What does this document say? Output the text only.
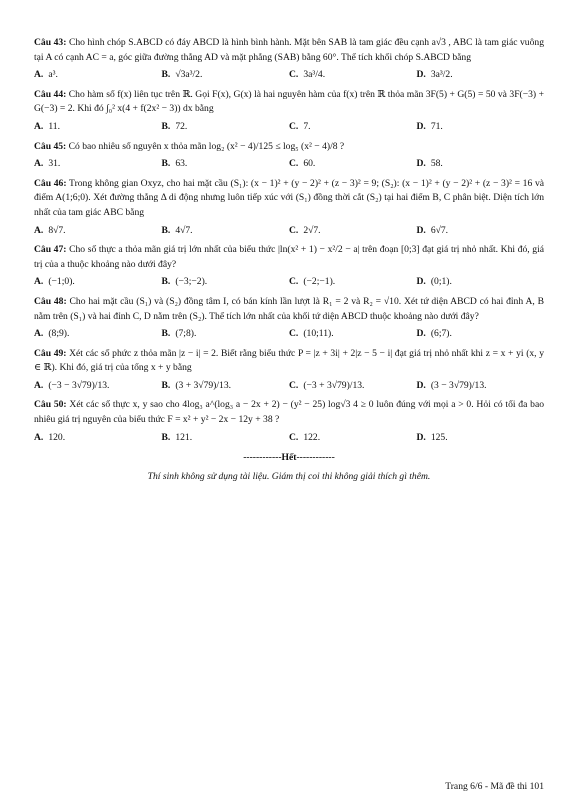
Câu 43: Cho hình chóp S.ABCD có đáy ABCD là hình bình hành. Mặt bên SAB là tam giác đều cạnh a√3 , ABC là tam giác vuông tại A có cạnh AC = a, góc giữa đường thẳng AD và mặt phẳng (SAB) bằng 60°. Thể tích khối chóp S.ABCD bằng
A. a³.	B. √3a³/2.	C. 3a³/4.	D. 3a³/2.
Câu 44: Cho hàm số f(x) liên tục trên ℝ. Gọi F(x), G(x) là hai nguyên hàm của f(x) trên ℝ thỏa mãn 3F(5) + G(5) = 50 và 3F(−3) + G(−3) = 2. Khi đó ∫₀² x(4 + f(2x² − 3)) dx bằng
A. 11.	B. 72.	C. 7.	D. 71.
Câu 45: Có bao nhiêu số nguyên x thỏa mãn log₂ (x² − 4)/125 ≤ log₅ (x² − 4)/8 ?
A. 31.	B. 63.	C. 60.	D. 58.
Câu 46: Trong không gian Oxyz, cho hai mặt cầu (S₁): (x − 1)² + (y − 2)² + (z − 3)² = 9; (S₂): (x − 1)² + (y − 2)² + (z − 3)² = 16 và điểm A(1;6;0). Xét đường thẳng Δ di động nhưng luôn tiếp xúc với (S₁) đồng thời cắt (S₂) tại hai điểm B, C phân biệt. Diện tích lớn nhất của tam giác ABC bằng
A. 8√7.	B. 4√7.	C. 2√7.	D. 6√7.
Câu 47: Cho số thực a thỏa mãn giá trị lớn nhất của biểu thức |ln(x² + 1) − x²/2 − a| trên đoạn [0;3] đạt giá trị nhỏ nhất. Khi đó, giá trị của a thuộc khoảng nào dưới đây?
A. (−1;0).	B. (−3;−2).	C. (−2;−1).	D. (0;1).
Câu 48: Cho hai mặt cầu (S₁) và (S₂) đồng tâm I, có bán kính lần lượt là R₁ = 2 và R₂ = √10. Xét tứ diện ABCD có hai đỉnh A, B nằm trên (S₁) và hai đỉnh C, D nằm trên (S₂). Thể tích lớn nhất của khối tứ diện ABCD thuộc khoảng nào dưới đây?
A. (8;9).	B. (7;8).	C. (10;11).	D. (6;7).
Câu 49: Xét các số phức z thỏa mãn |z − i| = 2. Biết rằng biểu thức P = |z + 3i| + 2|z − 5 − i| đạt giá trị nhỏ nhất khi z = x + yi (x, y ∈ ℝ). Khi đó, giá trị của tổng x + y bằng
A. (−3 − 3√79)/13.	B. (3 + 3√79)/13.	C. (−3 + 3√79)/13.	D. (3 − 3√79)/13.
Câu 50: Xét các số thực x, y sao cho 4log₃ a^(log₃ a − 2x + 2) − (y² − 25) log√3 4 ≥ 0 luôn đúng với mọi a > 0. Hỏi có tối đa bao nhiêu giá trị nguyên của biểu thức F = x² + y² − 2x − 12y + 38 ?
A. 120.	B. 121.	C. 122.	D. 125.
------------Hết------------
Thí sinh không sử dụng tài liệu. Giám thị coi thi không giải thích gì thêm.
Trang 6/6 - Mã đề thi 101
